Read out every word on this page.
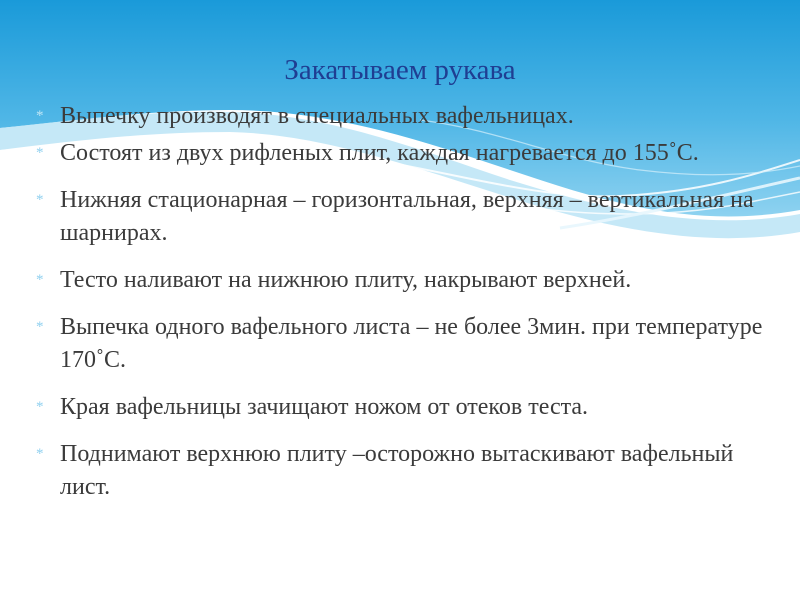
Закатываем рукава
* Выпечку производят в специальных вафельницах.
* Состоят из двух рифленых плит, каждая нагревается до 155˚С.
* Нижняя стационарная – горизонтальная, верхняя – вертикальная на шарнирах.
* Тесто наливают на нижнюю плиту, накрывают верхней.
* Выпечка одного вафельного листа – не более 3мин. при температуре 170˚С.
* Края вафельницы зачищают ножом от отеков теста.
* Поднимают верхнюю плиту –осторожно вытаскивают вафельный лист.
